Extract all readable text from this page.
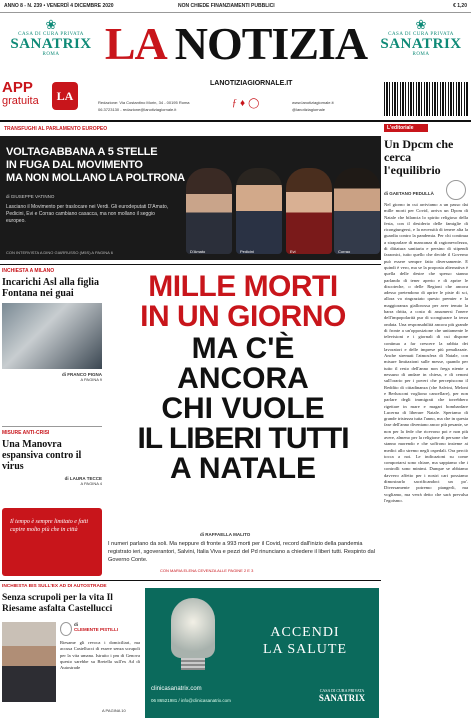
ANNO 8 - N. 239 • VENERDÌ 4 DICEMBRE 2020	NON CHIEDE FINANZIAMENTI PUBBLICI	€ 1,20
❀
CASA DI CURA PRIVATA
SANATRIX
ROMA
❀
CASA DI CURA PRIVATA
SANATRIX
ROMA
LA NOTIZIA
LANOTIZIAGIORNALE.IT
APP
gratuita	LA	Redazione: Via Costantino Morin, 34 - 00195 Roma
06.3723130 - redazione@lanotiziagiornale.it
ƒ♦◯	www.lanotiziagiornale.it
@lanotiziagiornale
TRANSFUGHI AL PARLAMENTO EUROPEO
VOLTAGABBANA A 5 STELLE
IN FUGA DAL MOVIMENTO
MA NON MOLLANO LA POLTRONA
di GIUSEPPE VATINNO
Lasciano il Movimento per traslocare nei Verdi. Gli eurodeputati D'Amato, Pedicini, Evi e Corrao cambiano casacca, ma non mollano il seggio europeo.
CON INTERVISTA A DINO GIARRUSSO (M5S) A PAGINA 6	D'Amato	Pedicini	Evi	Corrao
L'editoriale
Un Dpcm che cerca l'equilibrio
di GAETANO PEDULLÀ
Nel giorno in cui arriviamo a un passo dai mille morti per Covid, arriva un Dpcm di Natale che bilancia lo spirito religioso della festa, con il desiderio delle famiglie di ricongiungersi, e la necessità di tenere alta la guardia contro la pandemia. Per chi continua a straparlare di mancanza di ragionevolezza, di dittatura sanitaria e persino di stipendi faraonici, tutto quello che decide il Governo può essere sempre fatto diversamente. E quindi è vero, ma se la proposta alternativa è quella delle destre che spesso stanno parlando di tener aperto e di aprire le discoteche, o delle Regioni che ancora adesso pretendono di aprire le piste di sci, allora va ringraziato questo premier e la maggioranza giallorossa per aver tenuto la barra dritta, a costo di assumersi l'onere dell'impopolarità pur di scongiurare la terza ondata. Una responsabilità ancora più grande di fronte a un'opposizione che unitamente le televisioni e i giornali di cui dispone continua a far crescere la rabbia dei lavoratori e delle imprese più penalizzate. Anche stremati l'atmosfera di Natale, con misure limitazioni sulle messe, quando per tutto il resto dell'anno non frega niente a nessuno di andare in chiesa, e di cenoni sull'orario per i poveri che percepiscono il Reddito di cittadinanza (che Salvini, Meloni e Berlusconi vogliono cancellare), per non parlare degli immigrati che torrebbero rigettare in mare e magari bombardare Lucerna di liberare Natale. Speriamo di grande tristezza tutta l'anno, ma che in questa fase dell'anno diventano ancor più pesante, se non per la fede che ricevono poi e non più avere, almeno per la religione di persone che stanno morendo e che soffrono insieme ai medici allo stremo negli ospedali. Ora perciò tocca a noi. Le indicazioni su come comportarsi sono chiare, ma sappiamo che i controlli sono minimi. Dunque se abbiamo davvero affetto per i nostri cari possiamo dimostrarlo sacrificandoci un po'. Diversamente potremo piangerli, ma vogliamo, ma verrà detto che sarà prevalsa l'egoismo.
INCHIESTA A MILANO
Incarichi Asl alla figlia Fontana nei guai
di FRANCO PIGNA
A PAGINA 9
MISURE ANTI-CRISI
Una Manovra espansiva contro il virus
di LAURA TECCE
A PAGINA 4
Il tempo è sempre limitato e fatti capire molto più che in città
MILLE MORTI
IN UN GIORNO
MA C'È
ANCORA
CHI VUOLE
IL LIBERI TUTTI
A NATALE
di RAFFAELLA MALITO
I numeri parlano da soli. Ma neppure di fronte a 993 morti per il Covid, record dall'inizio della pandemia registrato ieri, sgoverantori, Salvini, Italia Viva e pezzi del Pd rinunciano a chiedere il liberi tutti. Respinto dal Governo Conte.
CON MARIA ELENA CEVENZA ALLE PAGINE 2 E 3
INCHIESTA BIS SULL'EX AD DI AUTOSTRADE
Senza scrupoli per la vita Il Riesame asfalta Castellucci
di
CLEMENTE PISTILLI
Riesame gli revoca i domiciliari, ma accusa Castellucci di essere senza scrupoli per la vita umana. Istruito i pm di Genova questo sarebbe su Bretella sull'ex Ad di Autostrade
A PAGINA 10
ACCENDI
LA SALUTE
clinicasanatrix.com
06 86521981 / info@clinicasanatrix.com
CASA DI CURA PRIVATA
SANATRIX
